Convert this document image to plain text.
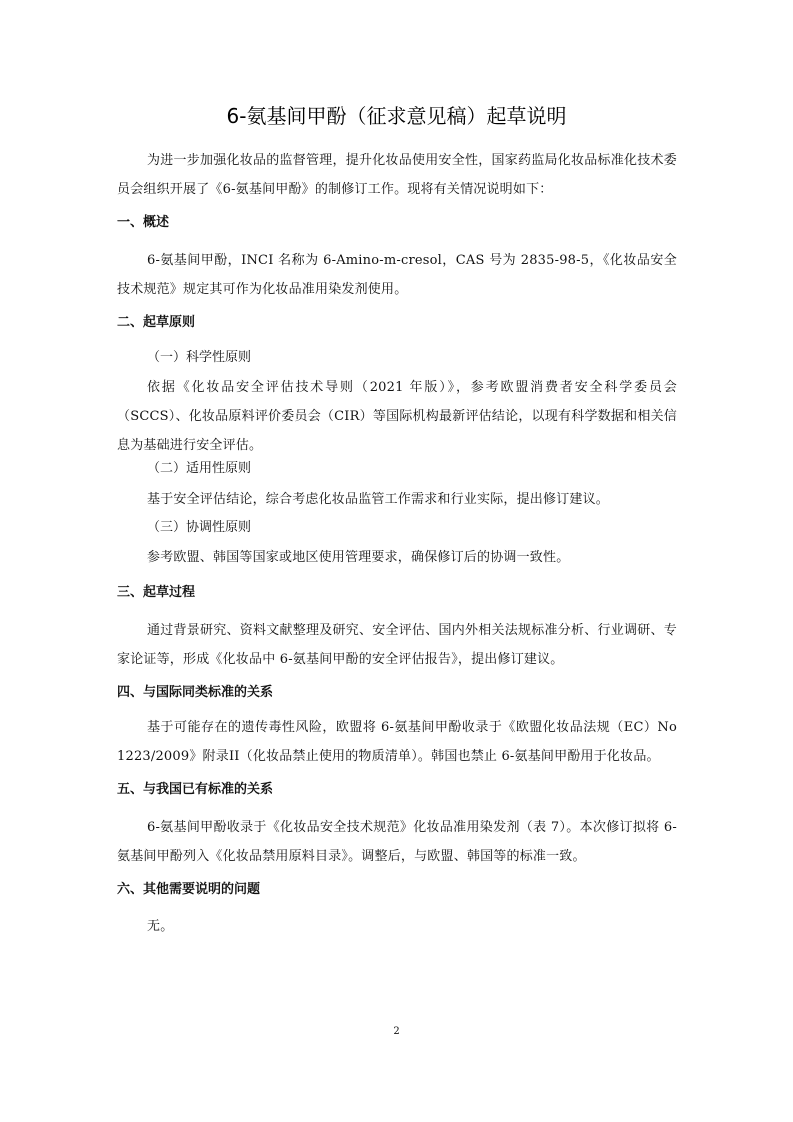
6-氨基间甲酚（征求意见稿）起草说明
为进一步加强化妆品的监督管理，提升化妆品使用安全性，国家药监局化妆品标准化技术委员会组织开展了《6-氨基间甲酚》的制修订工作。现将有关情况说明如下：
一、概述
6-氨基间甲酚，INCI 名称为 6-Amino-m-cresol，CAS 号为 2835-98-5，《化妆品安全技术规范》规定其可作为化妆品准用染发剂使用。
二、起草原则
（一）科学性原则
依据《化妆品安全评估技术导则（2021 年版）》，参考欧盟消费者安全科学委员会（SCCS）、化妆品原料评价委员会（CIR）等国际机构最新评估结论，以现有科学数据和相关信息为基础进行安全评估。
（二）适用性原则
基于安全评估结论，综合考虑化妆品监管工作需求和行业实际，提出修订建议。
（三）协调性原则
参考欧盟、韩国等国家或地区使用管理要求，确保修订后的协调一致性。
三、起草过程
通过背景研究、资料文献整理及研究、安全评估、国内外相关法规标准分析、行业调研、专家论证等，形成《化妆品中 6-氨基间甲酚的安全评估报告》，提出修订建议。
四、与国际同类标准的关系
基于可能存在的遗传毒性风险，欧盟将 6-氨基间甲酚收录于《欧盟化妆品法规（EC）No 1223/2009》附录II（化妆品禁止使用的物质清单）。韩国也禁止 6-氨基间甲酚用于化妆品。
五、与我国已有标准的关系
6-氨基间甲酚收录于《化妆品安全技术规范》化妆品准用染发剂（表 7）。本次修订拟将 6-氨基间甲酚列入《化妆品禁用原料目录》。调整后，与欧盟、韩国等的标准一致。
六、其他需要说明的问题
无。
2
